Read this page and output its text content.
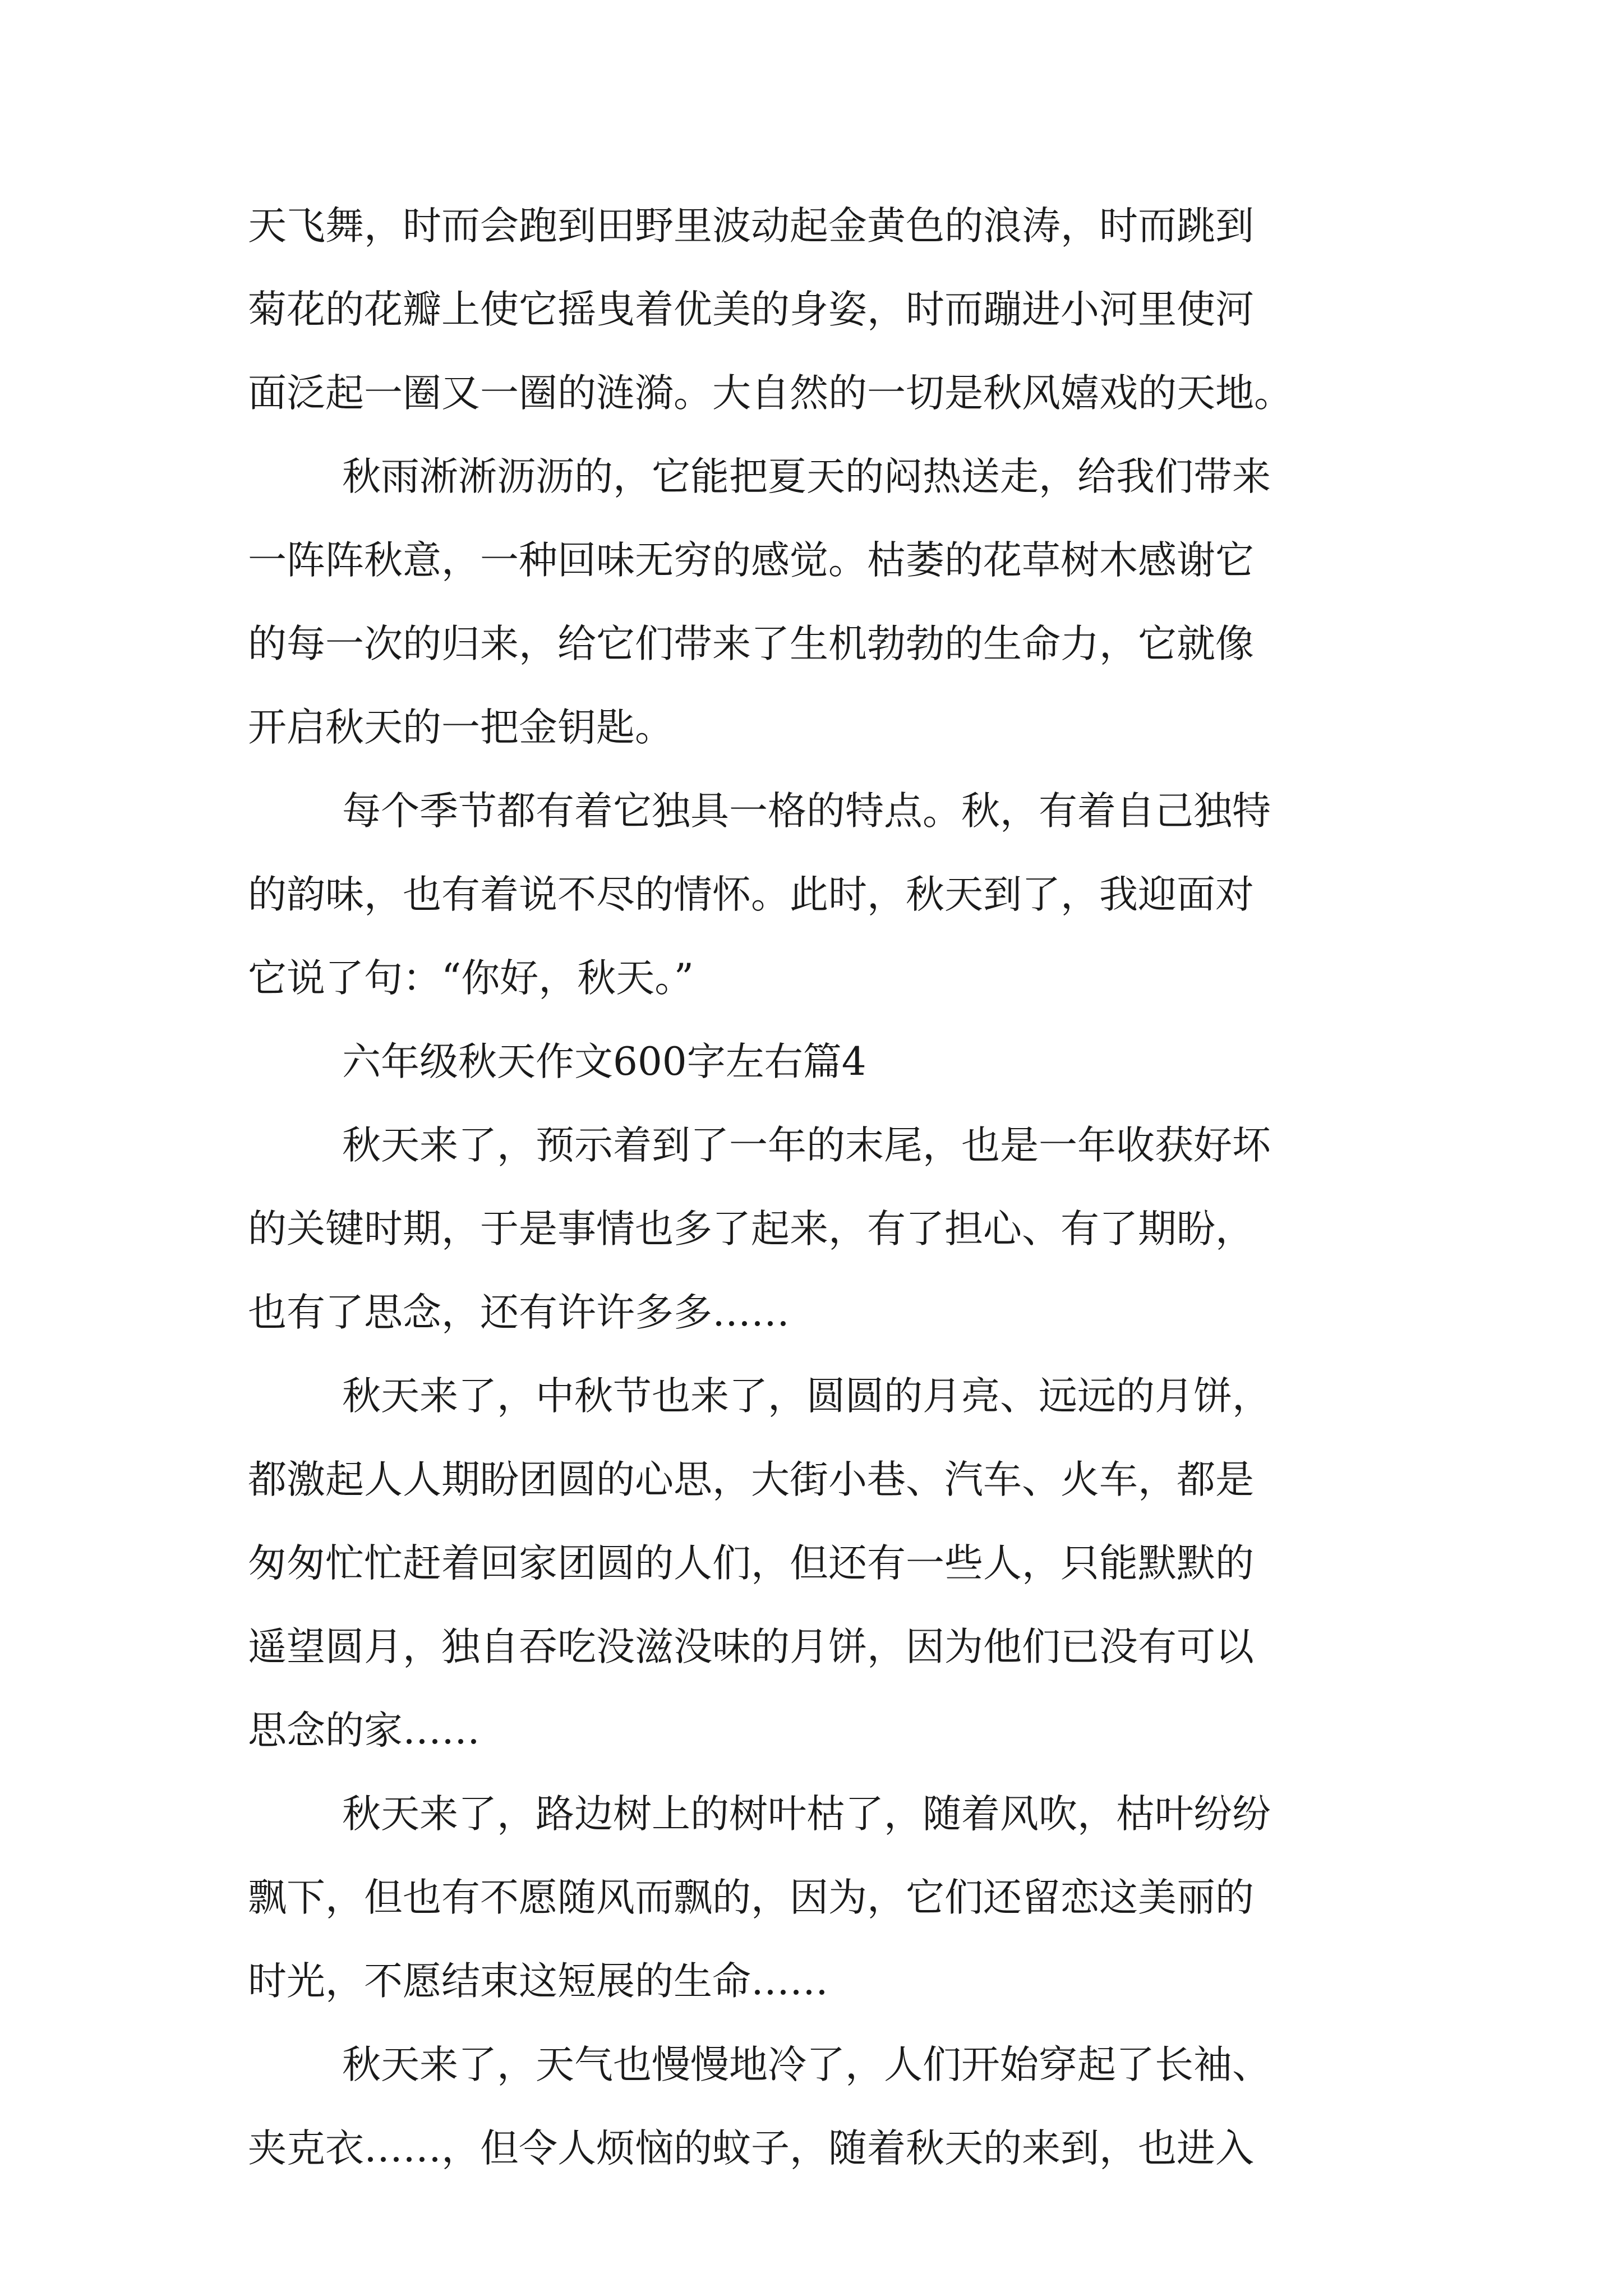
天飞舞，时而会跑到田野里波动起金黄色的浪涛，时而跳到
菊花的花瓣上使它摇曳着优美的身姿，时而蹦进小河里使河
面泛起一圈又一圈的涟漪。大自然的一切是秋风嬉戏的天地。
秋雨淅淅沥沥的，它能把夏天的闷热送走，给我们带来
一阵阵秋意，一种回味无穷的感觉。枯萎的花草树木感谢它
的每一次的归来，给它们带来了生机勃勃的生命力，它就像
开启秋天的一把金钥匙。
每个季节都有着它独具一格的特点。秋，有着自己独特
的韵味，也有着说不尽的情怀。此时，秋天到了，我迎面对
它说了句：“你好，秋天。”
六年级秋天作文600字左右篇4
秋天来了，预示着到了一年的末尾，也是一年收获好坏
的关键时期，于是事情也多了起来，有了担心、有了期盼，
也有了思念，还有许许多多……
秋天来了，中秋节也来了，圆圆的月亮、远远的月饼，
都激起人人期盼团圆的心思，大街小巷、汽车、火车，都是
匆匆忙忙赶着回家团圆的人们，但还有一些人，只能默默的
遥望圆月，独自吞吃没滋没味的月饼，因为他们已没有可以
思念的家……
秋天来了，路边树上的树叶枯了，随着风吹，枯叶纷纷
飘下，但也有不愿随风而飘的，因为，它们还留恋这美丽的
时光，不愿结束这短展的生命……
秋天来了，天气也慢慢地冷了，人们开始穿起了长袖、
夹克衣……，但令人烦恼的蚊子，随着秋天的来到，也进入
